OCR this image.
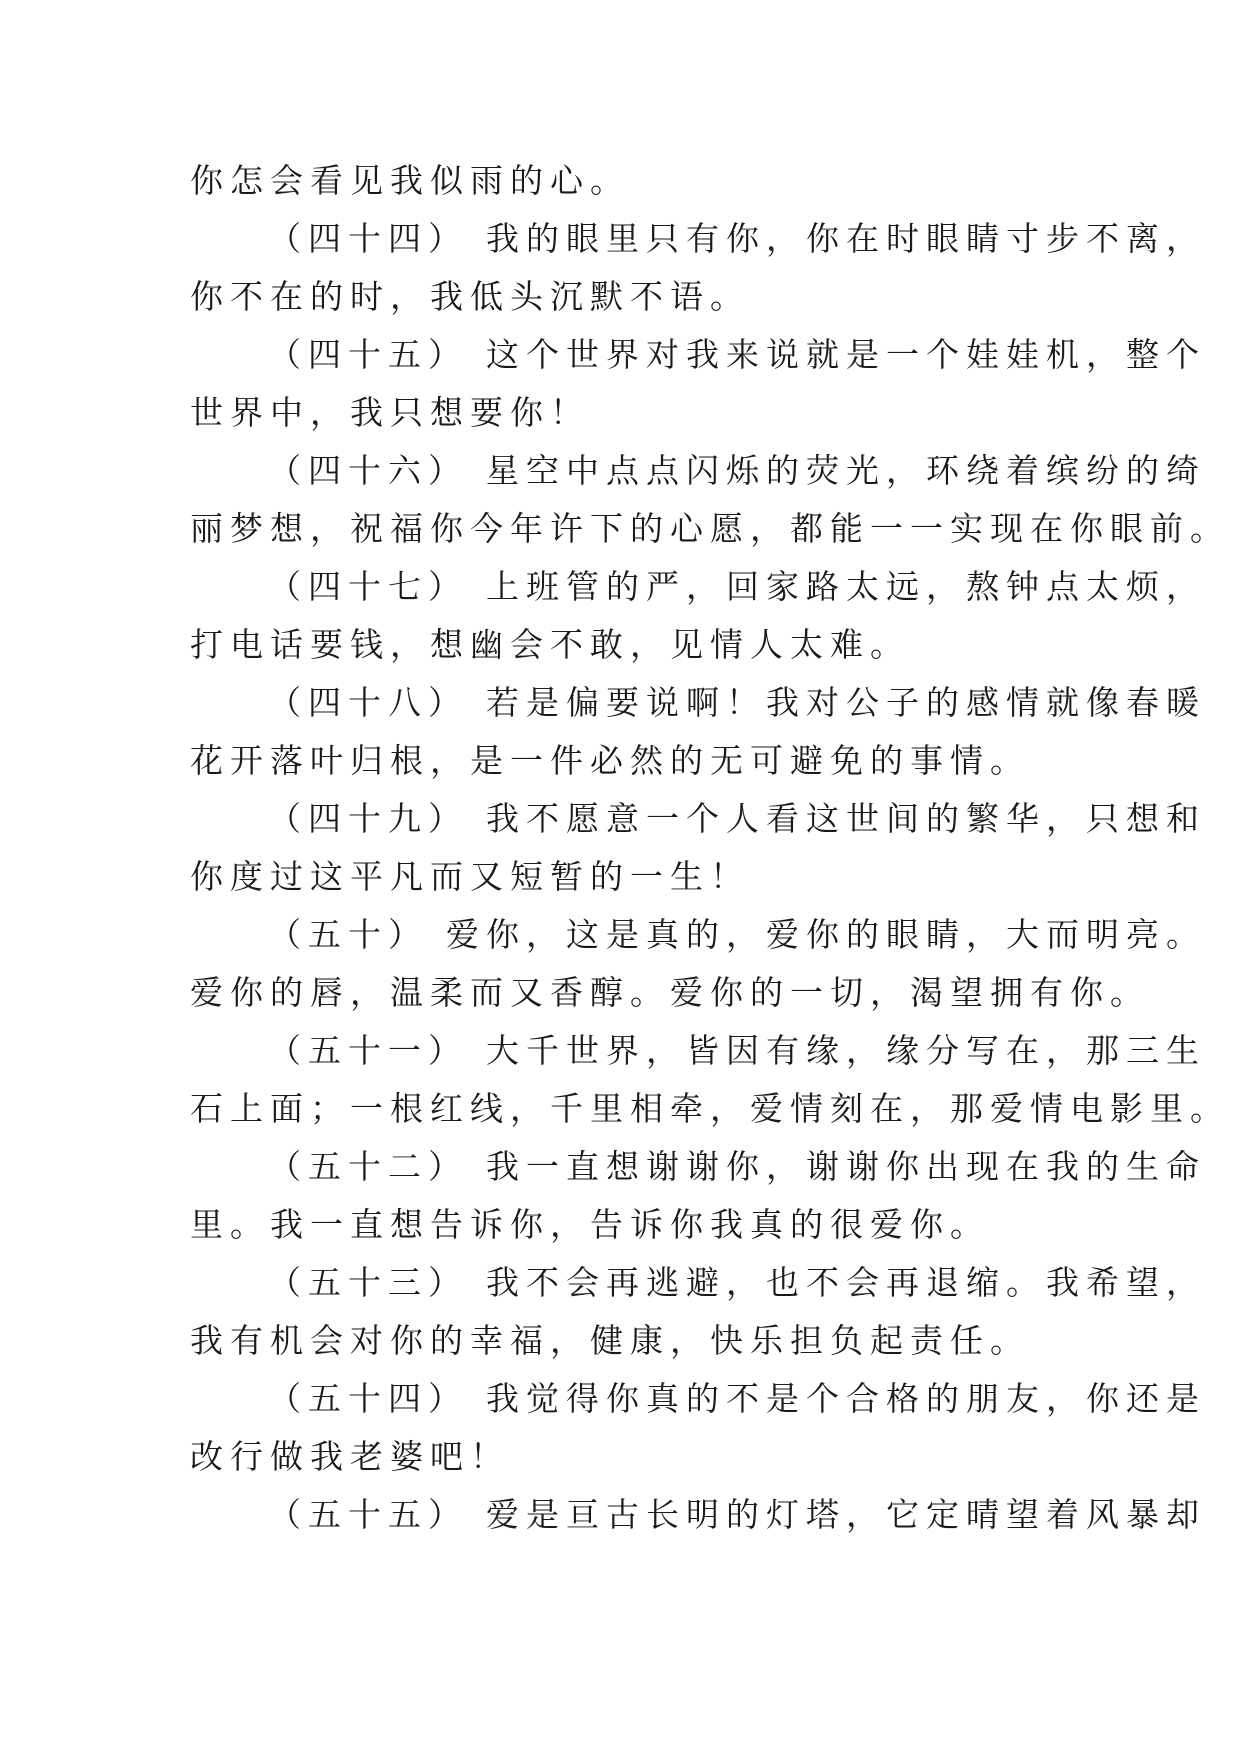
你怎会看见我似雨的心。
（四十四） 我的眼里只有你，你在时眼睛寸步不离，
你不在的时，我低头沉默不语。
（四十五） 这个世界对我来说就是一个娃娃机，整个
世界中，我只想要你！
（四十六） 星空中点点闪烁的荧光，环绕着缤纷的绮
丽梦想，祝福你今年许下的心愿，都能一一实现在你眼前。
（四十七） 上班管的严，回家路太远，熬钟点太烦，
打电话要钱，想幽会不敢，见情人太难。
（四十八） 若是偏要说啊！我对公子的感情就像春暖
花开落叶归根，是一件必然的无可避免的事情。
（四十九） 我不愿意一个人看这世间的繁华，只想和
你度过这平凡而又短暂的一生！
（五十） 爱你，这是真的，爱你的眼睛，大而明亮。
爱你的唇，温柔而又香醇。爱你的一切，渴望拥有你。
（五十一） 大千世界，皆因有缘，缘分写在，那三生
石上面；一根红线，千里相牵，爱情刻在，那爱情电影里。
（五十二） 我一直想谢谢你，谢谢你出现在我的生命
里。我一直想告诉你，告诉你我真的很爱你。
（五十三） 我不会再逃避，也不会再退缩。我希望，
我有机会对你的幸福，健康，快乐担负起责任。
（五十四） 我觉得你真的不是个合格的朋友，你还是
改行做我老婆吧！
（五十五） 爱是亘古长明的灯塔，它定晴望着风暴却
